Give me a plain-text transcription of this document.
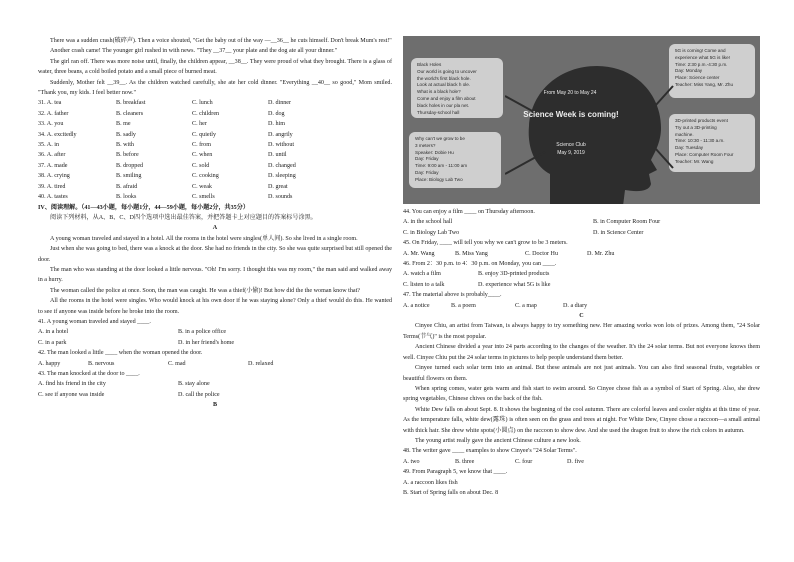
There was a sudden crash(破碎声). Then a voice shouted, "Get the baby out of the way —__36__ he cuts himself. Don't break Mum's rest!"

Another crash came! The younger girl rushed in with news. "They __37__ your plate and the dog ate all your dinner."

The girl ran off. There was more noise until, finally, the children appear, __38__. They were proud of what they brought. There is a glass of water, three beans, a cold boiled potato and a small piece of burned meat.

Suddenly, Mother felt __39__. As the children watched carefully, she ate her cold dinner. "Everything __40__ so good," Mom smiled. "Thank you, my kids. I feel better now."

31. A. tea	B. breakfast	C. lunch	D. dinner
32. A. father	B. cleaners	C. children	D. dog
33. A. you	B. me	C. her	D. him
34. A. excitedly	B. sadly	C. quietly	D. angrily
35. A. in	B. with	C. from	D. without
36. A. after	B. before	C. when	D. until
37. A. made	B. dropped	C. sold	D. changed
38. A. crying	B. smiling	C. cooking	D. sleeping
39. A. tired	B. afraid	C. weak	D. great
40. A. tastes	B. looks	C. smells	D. sounds

IV、阅读理解。（41—43小题，每小题1分，44—59小题，每小题2分，共35分）

阅读下列材料，从A、B、C、D四个选项中选出最佳答案，并把答题卡上对应题目的答案标号涂黑。

A

A young woman traveled and stayed in a hotel. All the rooms in the hotel were singles(单人间). So she lived in a single room.

Just when she was going to bed, there was a knock at the door. She had no friends in the city. So she was quite surprised but still opened the door.

The man who was standing at the door looked a little nervous. "Oh! I'm sorry. I thought this was my room," the man said and walked away in a hurry.

The woman called the police at once. Soon, the man was caught. He was a thief(小偷)! But how did the the woman know that?

All the rooms in the hotel were singles. Who would knock at his own door if he was staying alone? Only a thief would do this. He wanted to see if anyone was inside before he broke into the room.

41. A young woman traveled and stayed ____.

A. in a hotel	B. in a police office
C. in a park	D. in her friend's home

42. The man looked a little ____ when the woman opened the door.

A. happy	B. nervous	C. mad	D. relaxed

43. The man knocked at the door to ____.

A. find his friend in the city	B. stay alone
C. see if anyone was inside	D. call the police

B

Black Holes
Our world is going to uncover
the world's first black hole.
Look at actual black h ole.
What is a black hole?
Come and enjoy a film about
black holes in our pla net.
Thursday-school hall
Why can't we grow to be
3 meters?
Speaker: Dobie Hu
Day: Friday
Time: 9:00 am - 11:00 am
Day: Friday
Place: Biology Lab Two
5G is coming! Come and
experience what 5G is like!
Time: 2:30 p.m.-4:30 p.m.
Day: Monday
Place: Science center
Teacher: Miss Yang, Mr. Zhu
3D-printed products event
Try out a 3D-printing
machine.
Time: 10:30 - 11:30 a.m.
Day: Tuesday
Place: Computer Room Four
Teacher: Mr. Wang
From May 20 to May 24
Science Week is coming!
Science Club
May 9, 2019

44. You can enjoy a film ____ on Thursday afternoon.

A. in the school hall	B. in Computer Room Four
C. in Biology Lab Two	D. in Science Center

45. On Friday, ____ will tell you why we can't grow to be 3 meters.

A. Mr. Wang	B. Miss Yang	C. Doctor Hu	D. Mr. Zhu

46. From 2：30 p.m. to 4：30 p.m. on Monday, you can ____.

A. watch a film	B. enjoy 3D-printed products
C. listen to a talk	D. experience what 5G is like

47. The material above is probably____.

A. a notice	B. a poem	C. a map	D. a diary

C

Cinyee Chiu, an artist from Taiwan, is always happy to try something new. Her amazing works won lots of prizes. Among them, "24 Solar Terms(节气)" is the most popular.

Ancient Chinese divided a year into 24 parts according to the changes of the weather. It's the 24 solar terms. But not everyone knows them well. Cinyee Chiu put the 24 solar terms in pictures to help people understand them better.

Cinyee turned each solar term into an animal. But these animals are not just animals. You can also find seasonal fruits, vegetables or beautiful flowers on them.

When spring comes, water gets warm and fish start to swim around. So Cinyee chose fish as a symbol of Start of Spring. Also, she drew spring vegetables, Chinese chives on the back of the fish.

White Dew falls on about Sept. 8. It shows the beginning of the cool autumn. There are colorful leaves and cooler nights at this time of year. As the temperature falls, white dew(露珠) is often seen on the grass and trees at night. For White Dew, Cinyee chose a raccoon—a small animal with thick hair. She drew white spots(小圆点) on the raccoon to show dew. And she used the dragon fruit to show the rich colors in autumn.

The young artist really gave the ancient Chinese culture a new look.

48. The writer gave ____ examples to show Cinyee's "24 Solar Terms".

A. two	B. three	C. four	D. five

49. From Paragraph 5, we know that ____.

A. a raccoon likes fish

B. Start of Spring falls on about Dec. 8
